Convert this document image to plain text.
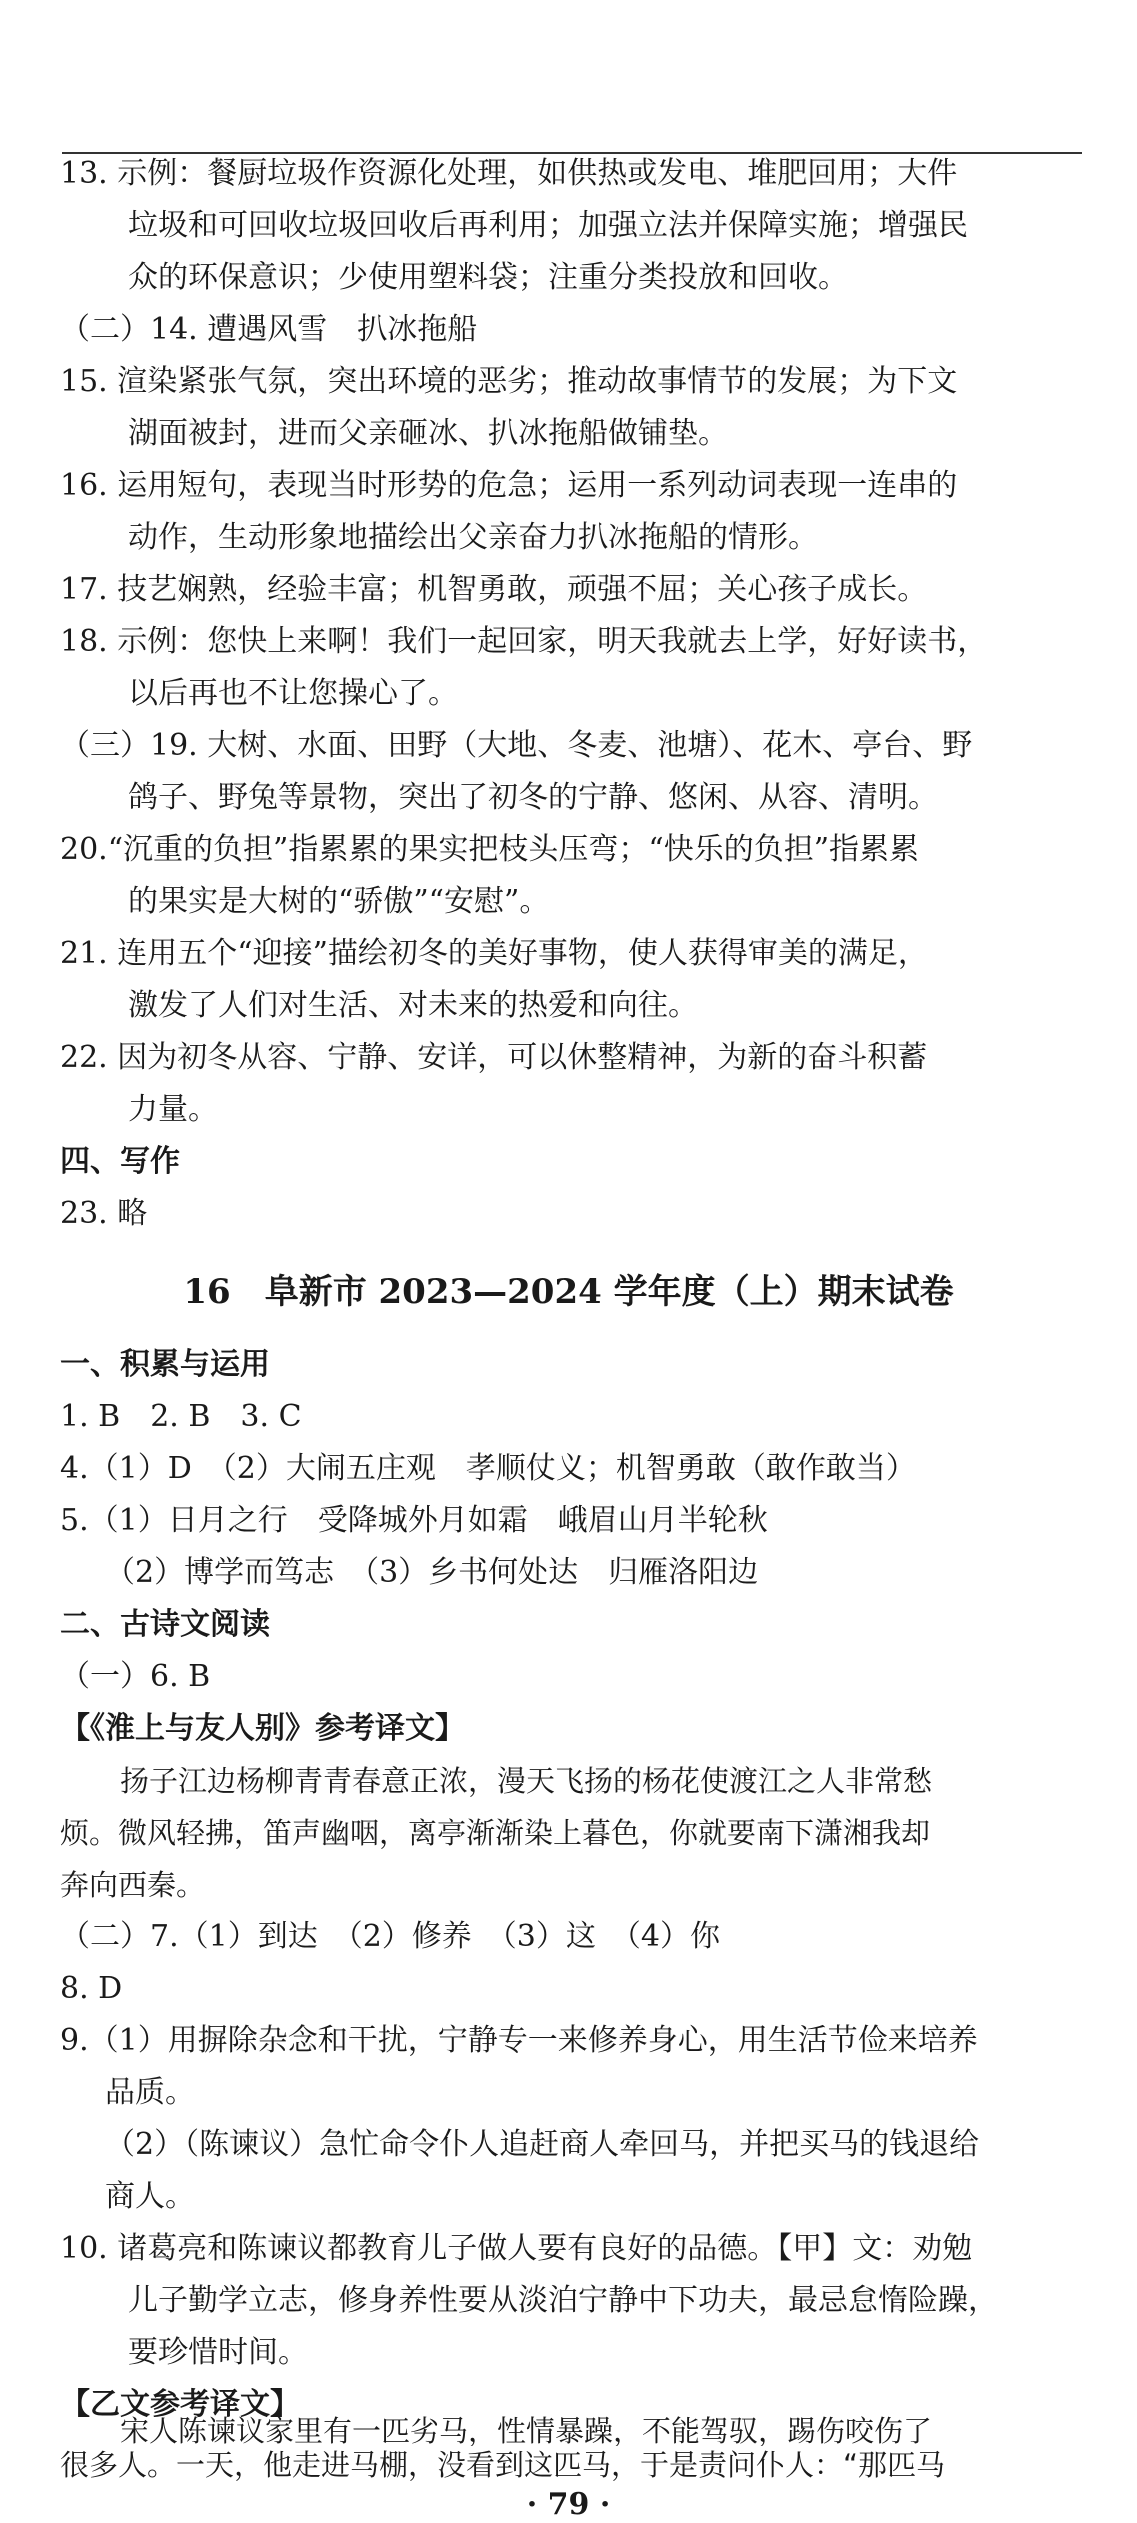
13. 示例：餐厨垃圾作资源化处理，如供热或发电、堆肥回用；大件
垃圾和可回收垃圾回收后再利用；加强立法并保障实施；增强民
众的环保意识；少使用塑料袋；注重分类投放和回收。
（二）14. 遭遇风雪　扒冰拖船
15. 渲染紧张气氛，突出环境的恶劣；推动故事情节的发展；为下文
湖面被封，进而父亲砸冰、扒冰拖船做铺垫。
16. 运用短句，表现当时形势的危急；运用一系列动词表现一连串的
动作，生动形象地描绘出父亲奋力扒冰拖船的情形。
17. 技艺娴熟，经验丰富；机智勇敢，顽强不屈；关心孩子成长。
18. 示例：您快上来啊！我们一起回家，明天我就去上学，好好读书，
以后再也不让您操心了。
（三）19. 大树、水面、田野（大地、冬麦、池塘）、花木、亭台、野
鸽子、野兔等景物，突出了初冬的宁静、悠闲、从容、清明。
20.“沉重的负担”指累累的果实把枝头压弯；“快乐的负担”指累累
的果实是大树的“骄傲”“安慰”。
21. 连用五个“迎接”描绘初冬的美好事物，使人获得审美的满足，
激发了人们对生活、对未来的热爱和向往。
22. 因为初冬从容、宁静、安详，可以休整精神，为新的奋斗积蓄
力量。
四、写作
23. 略
16　阜新市 2023—2024 学年度（上）期末试卷
一、积累与运用
1. B　2. B　3. C
4.（1）D　（2）大闹五庄观　孝顺仗义；机智勇敢（敢作敢当）
5.（1）日月之行　受降城外月如霜　峨眉山月半轮秋
（2）博学而笃志　（3）乡书何处达　归雁洛阳边
二、古诗文阅读
（一）6. B
【《淮上与友人别》参考译文】
扬子江边杨柳青青春意正浓，漫天飞扬的杨花使渡江之人非常愁
烦。微风轻拂，笛声幽咽，离亭渐渐染上暮色，你就要南下潇湘我却
奔向西秦。
（二）7.（1）到达　（2）修养　（3）这　（4）你
8. D
9.（1）用摒除杂念和干扰，宁静专一来修养身心，用生活节俭来培养
品质。
（2）（陈谏议）急忙命令仆人追赶商人牵回马，并把买马的钱退给
商人。
10. 诸葛亮和陈谏议都教育儿子做人要有良好的品德。【甲】文：劝勉
儿子勤学立志，修身养性要从淡泊宁静中下功夫，最忌怠惰险躁，
要珍惜时间。
【乙文参考译文】
宋人陈谏议家里有一匹劣马，性情暴躁，不能驾驭，踢伤咬伤了
很多人。一天，他走进马棚，没看到这匹马，于是责问仆人：“那匹马
· 79 ·
